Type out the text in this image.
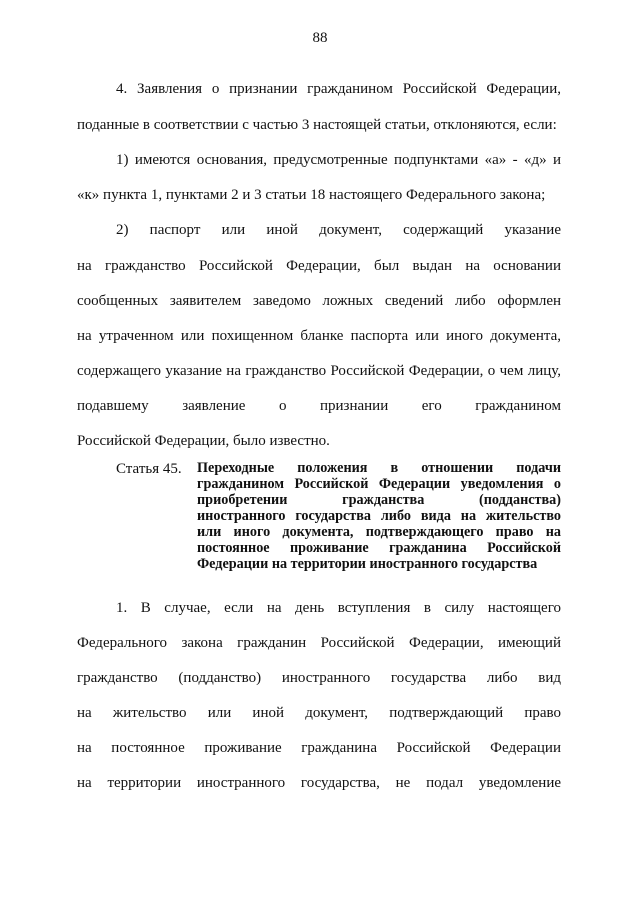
88
4. Заявления о признании гражданином Российской Федерации,
поданные в соответствии с частью 3 настоящей статьи, отклоняются, если:
1) имеются основания, предусмотренные подпунктами «а» - «д» и
«к» пункта 1, пунктами 2 и 3 статьи 18 настоящего Федерального закона;
2) паспорт или иной документ, содержащий указание
на гражданство Российской Федерации, был выдан на основании
сообщенных заявителем заведомо ложных сведений либо оформлен
на утраченном или похищенном бланке паспорта или иного документа,
содержащего указание на гражданство Российской Федерации, о чем лицу,
подавшему заявление о признании его гражданином
Российской Федерации, было известно.
Статья 45. Переходные положения в отношении подачи
гражданином Российской Федерации уведомления о
приобретении гражданства (подданства)
иностранного государства либо вида на жительство
или иного документа, подтверждающего право на
постоянное проживание гражданина Российской
Федерации на территории иностранного государства
1. В случае, если на день вступления в силу настоящего
Федерального закона гражданин Российской Федерации, имеющий
гражданство (подданство) иностранного государства либо вид
на жительство или иной документ, подтверждающий право
на постоянное проживание гражданина Российской Федерации
на территории иностранного государства, не подал уведомление
